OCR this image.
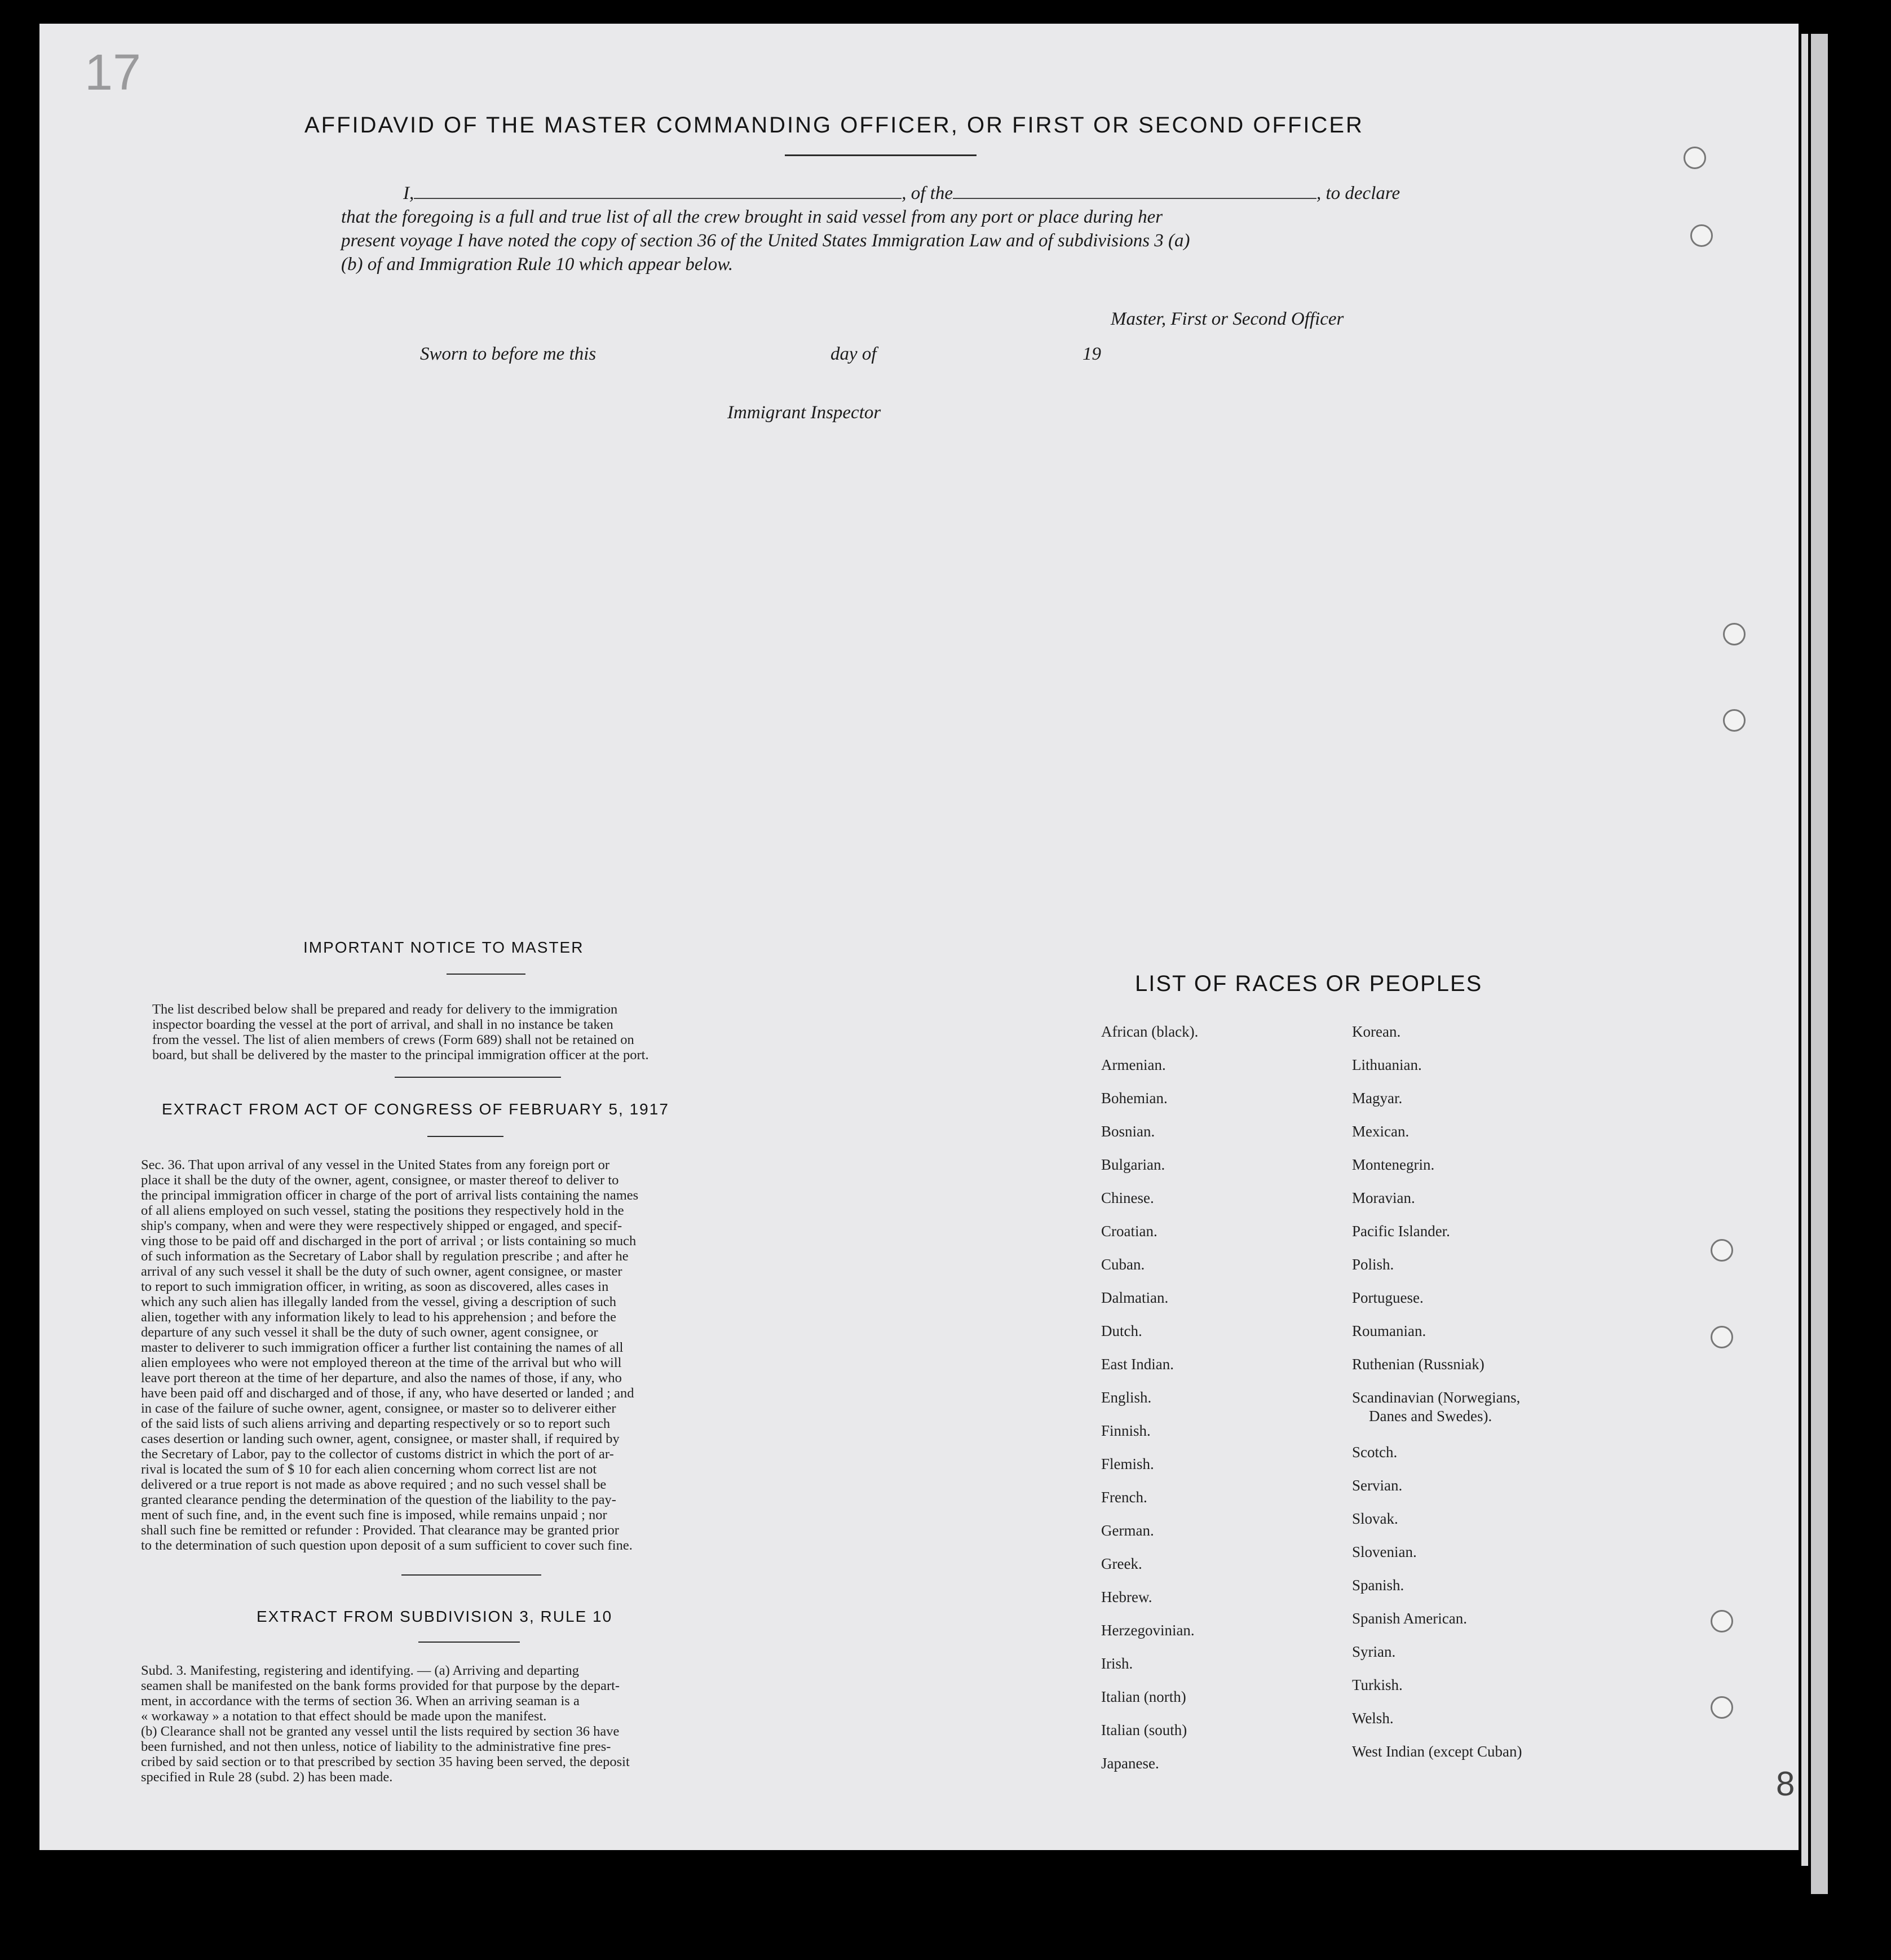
17
8
AFFIDAVID OF THE MASTER COMMANDING OFFICER, OR FIRST OR SECOND OFFICER

I,	, of the	, to declare

that the foregoing is a full and true list of all the crew brought in said vessel from any port or place during her

present voyage I have noted the copy of section 36 of the United States Immigration Law and of subdivisions 3 (a)

(b) of and Immigration Rule 10 which appear below.

Master, First or Second Officer
Sworn to before me this	day of	19
Immigrant Inspector
IMPORTANT NOTICE TO MASTER

The list described below shall be prepared and ready for delivery to the immigration

inspector boarding the vessel at the port of arrival, and shall in no instance be taken

from the vessel. The list of alien members of crews (Form 689) shall not be retained on

board, but shall be delivered by the master to the principal immigration officer at the port.

EXTRACT FROM ACT OF CONGRESS OF FEBRUARY 5, 1917

Sec. 36. That upon arrival of any vessel in the United States from any foreign port or

place it shall be the duty of the owner, agent, consignee, or master thereof to deliver to

the principal immigration officer in charge of the port of arrival lists containing the names

of all aliens employed on such vessel, stating the positions they respectively hold in the

ship's company, when and were they were respectively shipped or engaged, and specif-

ving those to be paid off and discharged in the port of arrival ; or lists containing so much

of such information as the Secretary of Labor shall by regulation prescribe ; and after he

arrival of any such vessel it shall be the duty of such owner, agent consignee, or master

to report to such immigration officer, in writing, as soon as discovered, alles cases in

which any such alien has illegally landed from the vessel, giving a description of such

alien, together with any information likely to lead to his apprehension ; and before the

departure of any such vessel it shall be the duty of such owner, agent consignee, or

master to deliverer to such immigration officer a further list containing the names of all

alien employees who were not employed thereon at the time of the arrival but who will

leave port thereon at the time of her departure, and also the names of those, if any, who

have been paid off and discharged and of those, if any, who have deserted or landed ; and

in case of the failure of suche owner, agent, consignee, or master so to deliverer either

of the said lists of such aliens arriving and departing respectively or so to report such

cases desertion or landing such owner, agent, consignee, or master shall, if required by

the Secretary of Labor, pay to the collector of customs district in which the port of ar-

rival is located the sum of $ 10 for each alien concerning whom correct list are not

delivered or a true report is not made as above required ; and no such vessel shall be

granted clearance pending the determination of the question of the liability to the pay-

ment of such fine, and, in the event such fine is imposed, while remains unpaid ; nor

shall such fine be remitted or refunder : Provided. That clearance may be granted prior

to the determination of such question upon deposit of a sum sufficient to cover such fine.

EXTRACT FROM SUBDIVISION 3, RULE 10

Subd. 3. Manifesting, registering and identifying. — (a) Arriving and departing

seamen shall be manifested on the bank forms provided for that purpose by the depart-

ment, in accordance with the terms of section 36. When an arriving seaman is a

« workaway » a notation to that effect should be made upon the manifest.

(b) Clearance shall not be granted any vessel until the lists required by section 36 have

been furnished, and not then unless, notice of liability to the administrative fine pres-

cribed by said section or to that prescribed by section 35 having been served, the deposit

specified in Rule 28 (subd. 2) has been made.

LIST OF RACES OR PEOPLES
African (black).
Armenian.
Bohemian.
Bosnian.
Bulgarian.
Chinese.
Croatian.
Cuban.
Dalmatian.
Dutch.
East Indian.
English.
Finnish.
Flemish.
French.
German.
Greek.
Hebrew.
Herzegovinian.
Irish.
Italian (north)
Italian (south)
Japanese.
Korean.
Lithuanian.
Magyar.
Mexican.
Montenegrin.
Moravian.
Pacific Islander.
Polish.
Portuguese.
Roumanian.
Ruthenian (Russniak)
Scandinavian (Norwegians,
Danes and Swedes).
Scotch.
Servian.
Slovak.
Slovenian.
Spanish.
Spanish American.
Syrian.
Turkish.
Welsh.
West Indian (except Cuban)
